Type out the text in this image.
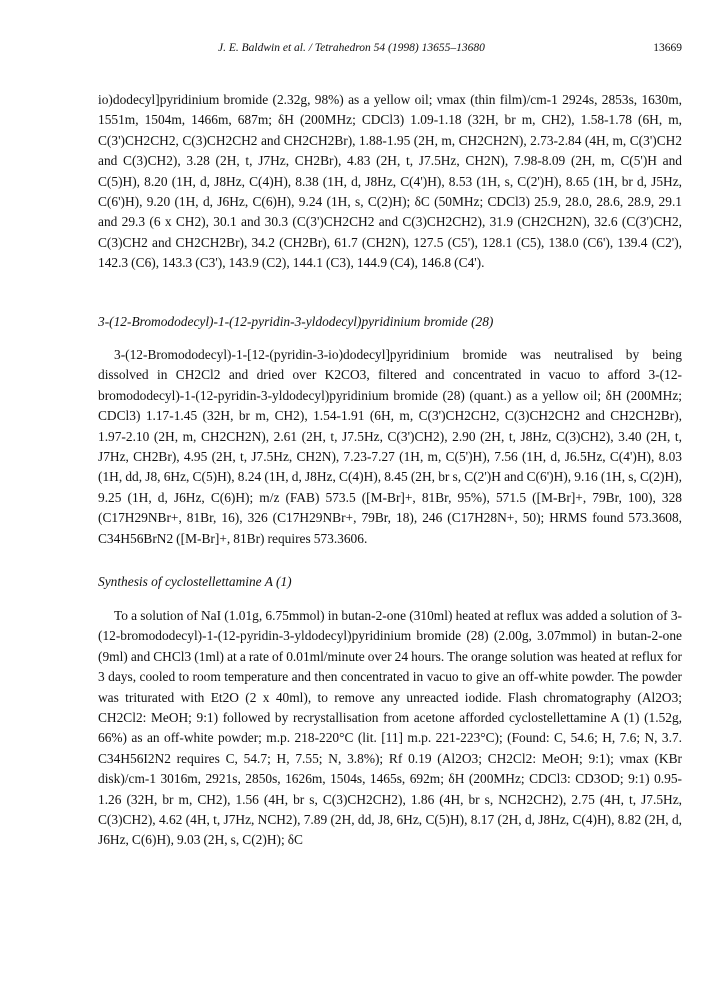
J. E. Baldwin et al. / Tetrahedron 54 (1998) 13655–13680	13669

io)dodecyl]pyridinium bromide (2.32g, 98%) as a yellow oil; νmax (thin film)/cm-1 2924s, 2853s, 1630m, 1551m, 1504m, 1466m, 687m; δH (200MHz; CDCl3) 1.09-1.18 (32H, br m, CH2), 1.58-1.78 (6H, m, C(3')CH2CH2, C(3)CH2CH2 and CH2CH2Br), 1.88-1.95 (2H, m, CH2CH2N), 2.73-2.84 (4H, m, C(3')CH2 and C(3)CH2), 3.28 (2H, t, J7Hz, CH2Br), 4.83 (2H, t, J7.5Hz, CH2N), 7.98-8.09 (2H, m, C(5')H and C(5)H), 8.20 (1H, d, J8Hz, C(4)H), 8.38 (1H, d, J8Hz, C(4')H), 8.53 (1H, s, C(2')H), 8.65 (1H, br d, J5Hz, C(6')H), 9.20 (1H, d, J6Hz, C(6)H), 9.24 (1H, s, C(2)H); δC (50MHz; CDCl3) 25.9, 28.0, 28.6, 28.9, 29.1 and 29.3 (6 x CH2), 30.1 and 30.3 (C(3')CH2CH2 and C(3)CH2CH2), 31.9 (CH2CH2N), 32.6 (C(3')CH2, C(3)CH2 and CH2CH2Br), 34.2 (CH2Br), 61.7 (CH2N), 127.5 (C5'), 128.1 (C5), 138.0 (C6'), 139.4 (C2'), 142.3 (C6), 143.3 (C3'), 143.9 (C2), 144.1 (C3), 144.9 (C4), 146.8 (C4').

3-(12-Bromododecyl)-1-(12-pyridin-3-yldodecyl)pyridinium bromide (28)

3-(12-Bromododecyl)-1-[12-(pyridin-3-io)dodecyl]pyridinium bromide was neutralised by being dissolved in CH2Cl2 and dried over K2CO3, filtered and concentrated in vacuo to afford 3-(12-bromododecyl)-1-(12-pyridin-3-yldodecyl)pyridinium bromide (28) (quant.) as a yellow oil; δH (200MHz; CDCl3) 1.17-1.45 (32H, br m, CH2), 1.54-1.91 (6H, m, C(3')CH2CH2, C(3)CH2CH2 and CH2CH2Br), 1.97-2.10 (2H, m, CH2CH2N), 2.61 (2H, t, J7.5Hz, C(3')CH2), 2.90 (2H, t, J8Hz, C(3)CH2), 3.40 (2H, t, J7Hz, CH2Br), 4.95 (2H, t, J7.5Hz, CH2N), 7.23-7.27 (1H, m, C(5')H), 7.56 (1H, d, J6.5Hz, C(4')H), 8.03 (1H, dd, J8, 6Hz, C(5)H), 8.24 (1H, d, J8Hz, C(4)H), 8.45 (2H, br s, C(2')H and C(6')H), 9.16 (1H, s, C(2)H), 9.25 (1H, d, J6Hz, C(6)H); m/z (FAB) 573.5 ([M-Br]+, 81Br, 95%), 571.5 ([M-Br]+, 79Br, 100), 328 (C17H29NBr+, 81Br, 16), 326 (C17H29NBr+, 79Br, 18), 246 (C17H28N+, 50); HRMS found 573.3608, C34H56BrN2 ([M-Br]+, 81Br) requires 573.3606.

Synthesis of cyclostellettamine A (1)

To a solution of NaI (1.01g, 6.75mmol) in butan-2-one (310ml) heated at reflux was added a solution of 3-(12-bromododecyl)-1-(12-pyridin-3-yldodecyl)pyridinium bromide (28) (2.00g, 3.07mmol) in butan-2-one (9ml) and CHCl3 (1ml) at a rate of 0.01ml/minute over 24 hours. The orange solution was heated at reflux for 3 days, cooled to room temperature and then concentrated in vacuo to give an off-white powder. The powder was triturated with Et2O (2 x 40ml), to remove any unreacted iodide. Flash chromatography (Al2O3; CH2Cl2: MeOH; 9:1) followed by recrystallisation from acetone afforded cyclostellettamine A (1) (1.52g, 66%) as an off-white powder; m.p. 218-220°C (lit. [11] m.p. 221-223°C); (Found: C, 54.6; H, 7.6; N, 3.7. C34H56I2N2 requires C, 54.7; H, 7.55; N, 3.8%); Rf 0.19 (Al2O3; CH2Cl2: MeOH; 9:1); νmax (KBr disk)/cm-1 3016m, 2921s, 2850s, 1626m, 1504s, 1465s, 692m; δH (200MHz; CDCl3: CD3OD; 9:1) 0.95-1.26 (32H, br m, CH2), 1.56 (4H, br s, C(3)CH2CH2), 1.86 (4H, br s, NCH2CH2), 2.75 (4H, t, J7.5Hz, C(3)CH2), 4.62 (4H, t, J7Hz, NCH2), 7.89 (2H, dd, J8, 6Hz, C(5)H), 8.17 (2H, d, J8Hz, C(4)H), 8.82 (2H, d, J6Hz, C(6)H), 9.03 (2H, s, C(2)H); δC
